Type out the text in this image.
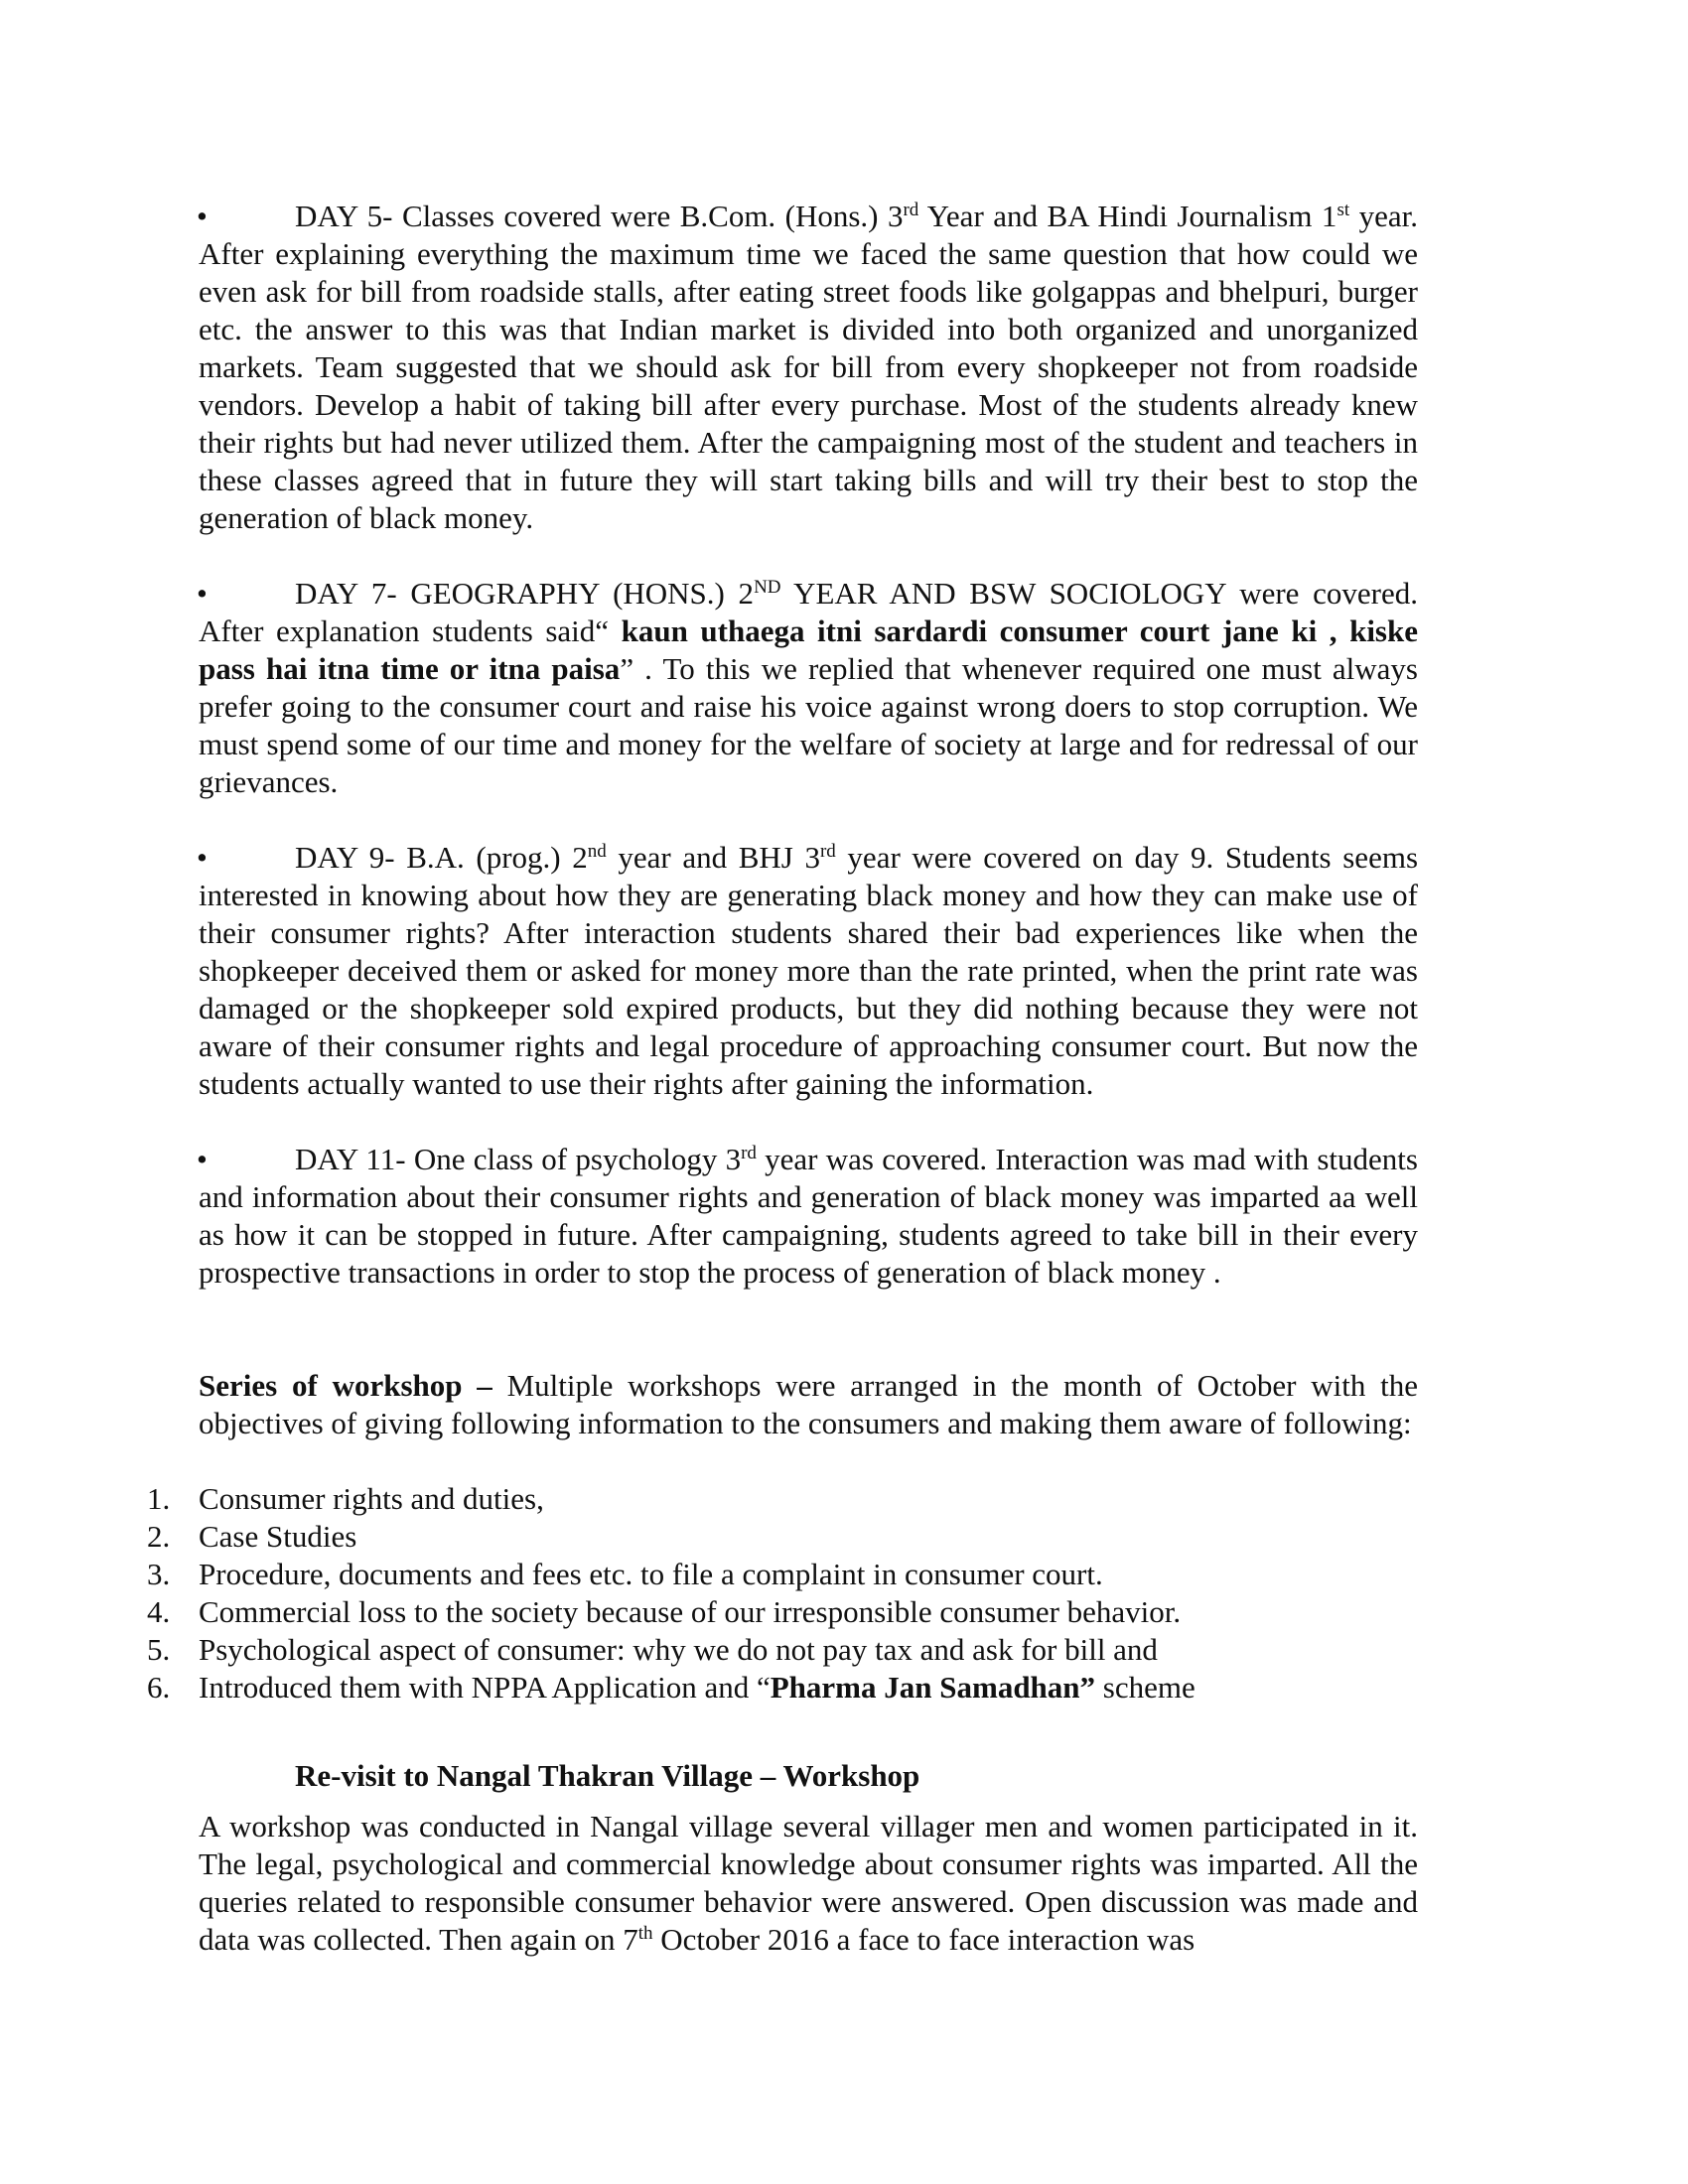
•	DAY 5- Classes covered were B.Com. (Hons.) 3rd Year and BA Hindi Journalism 1st year. After explaining everything the maximum time we faced the same question that how could we even ask for bill from roadside stalls, after eating street foods like golgappas and bhelpuri, burger etc. the answer to this was that Indian market is divided into both organized and unorganized markets. Team suggested that we should ask for bill from every shopkeeper not from roadside vendors. Develop a habit of taking bill after every purchase. Most of the students already knew their rights but had never utilized them. After the campaigning most of the student and teachers in these classes agreed that in future they will start taking bills and will try their best to stop the generation of black money.
•	DAY 7- GEOGRAPHY (HONS.) 2ND YEAR AND BSW SOCIOLOGY were covered. After explanation students said“ kaun uthaega itni sardardi consumer court jane ki , kiske pass hai itna time or itna paisa” . To this we replied that whenever required one must always prefer going to the consumer court and raise his voice against wrong doers to stop corruption. We must spend some of our time and money for the welfare of society at large and for redressal of our grievances.
•	DAY 9- B.A. (prog.) 2nd year and BHJ 3rd year were covered on day 9. Students seems interested in knowing about how they are generating black money and how they can make use of their consumer rights? After interaction students shared their bad experiences like when the shopkeeper deceived them or asked for money more than the rate printed, when the print rate was damaged or the shopkeeper sold expired products, but they did nothing because they were not aware of their consumer rights and legal procedure of approaching consumer court. But now the students actually wanted to use their rights after gaining the information.
•	DAY 11- One class of psychology 3rd year was covered. Interaction was mad with students and information about their consumer rights and generation of black money was imparted aa well as how it can be stopped in future. After campaigning, students agreed to take bill in their every prospective transactions in order to stop the process of generation of black money .
Series of workshop – Multiple workshops were arranged in the month of October with the objectives of giving following information to the consumers and making them aware of following:
1. Consumer rights and duties,
2. Case Studies
3. Procedure, documents and fees etc. to file a complaint in consumer court.
4. Commercial loss to the society because of our irresponsible consumer behavior.
5. Psychological aspect of consumer: why we do not pay tax and ask for bill and
6. Introduced them with NPPA Application and “Pharma Jan Samadhan” scheme
Re-visit to Nangal Thakran Village – Workshop
A workshop was conducted in Nangal village several villager men and women participated in it. The legal, psychological and commercial knowledge about consumer rights was imparted. All the queries related to responsible consumer behavior were answered. Open discussion was made and data was collected. Then again on 7th October 2016 a face to face interaction was
